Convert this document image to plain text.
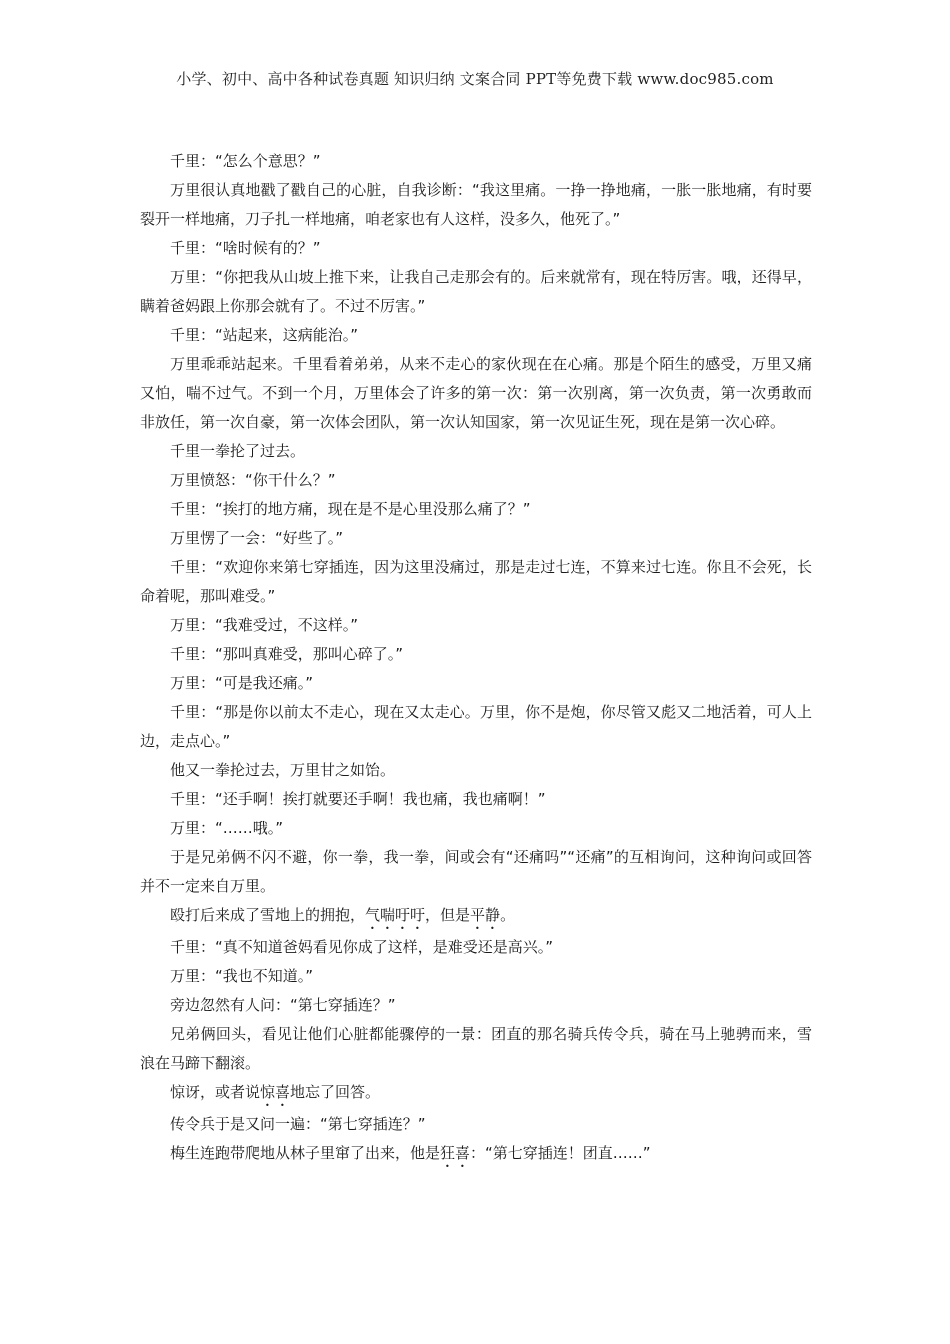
小学、初中、高中各种试卷真题 知识归纳 文案合同 PPT等免费下载 www.doc985.com

千里：“怎么个意思？”

万里很认真地戳了戳自己的心脏，自我诊断：“我这里痛。一挣一挣地痛，一胀一胀地痛，有时要裂开一样地痛，刀子扎一样地痛，咱老家也有人这样，没多久，他死了。”

千里：“啥时候有的？”

万里：“你把我从山坡上推下来，让我自己走那会有的。后来就常有，现在特厉害。哦，还得早，瞒着爸妈跟上你那会就有了。不过不厉害。”

千里：“站起来，这病能治。”

万里乖乖站起来。千里看着弟弟，从来不走心的家伙现在在心痛。那是个陌生的感受，万里又痛又怕，喘不过气。不到一个月，万里体会了许多的第一次：第一次别离，第一次负责，第一次勇敢而非放任，第一次自豪，第一次体会团队，第一次认知国家，第一次见证生死，现在是第一次心碎。

千里一拳抡了过去。

万里愤怒：“你干什么？”

千里：“挨打的地方痛，现在是不是心里没那么痛了？”

万里愣了一会：“好些了。”

千里：“欢迎你来第七穿插连，因为这里没痛过，那是走过七连，不算来过七连。你且不会死，长命着呢，那叫难受。”

万里：“我难受过，不这样。”

千里：“那叫真难受，那叫心碎了。”

万里：“可是我还痛。”

千里：“那是你以前太不走心，现在又太走心。万里，你不是炮，你尽管又彪又二地活着，可人上边，走点心。”

他又一拳抡过去，万里甘之如饴。

千里：“还手啊！挨打就要还手啊！我也痛，我也痛啊！”

万里：“……哦。”

于是兄弟俩不闪不避，你一拳，我一拳，间或会有“还痛吗”“还痛”的互相询问，这种询问或回答并不一定来自万里。

殴打后来成了雪地上的拥抱，气喘吁吁，但是平静。

千里：“真不知道爸妈看见你成了这样，是难受还是高兴。”

万里：“我也不知道。”

旁边忽然有人问：“第七穿插连？”

兄弟俩回头，看见让他们心脏都能骤停的一景：团直的那名骑兵传令兵，骑在马上驰骋而来，雪浪在马蹄下翻滚。

惊讶，或者说惊喜地忘了回答。

传令兵于是又问一遍：“第七穿插连？”

梅生连跑带爬地从林子里窜了出来，他是狂喜：“第七穿插连！团直……”
